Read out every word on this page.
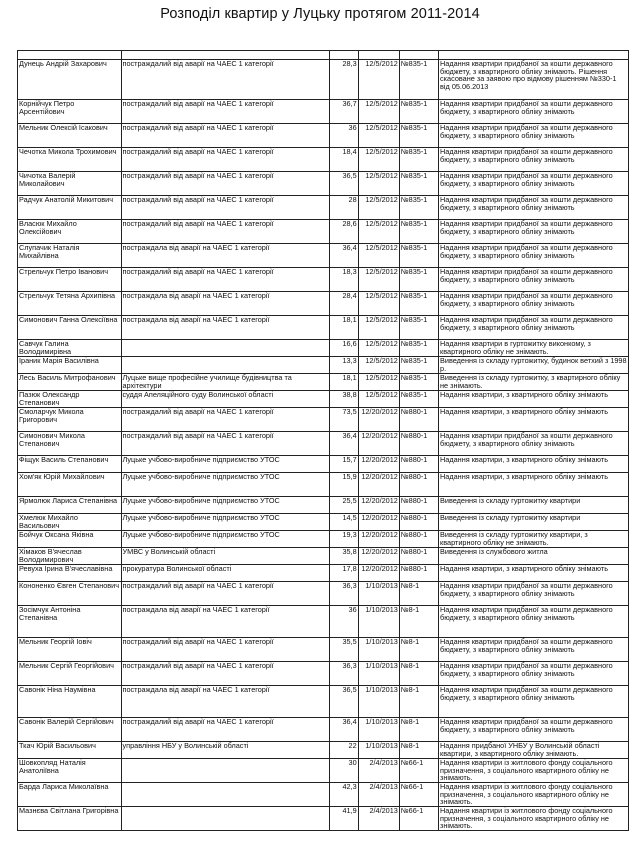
Розподіл квартир у Луцьку протягом 2011-2014

Дунець Андрій Захарович	постраждалий від аварії на ЧАЕС 1 категорії	28,3	12/5/2012	№835-1	Надання квартири придбаної за кошти державного бюджету, з квартирного обліку знімають. Рішення скасоване за заявою про відмову рішенням №330-1 від 05.06.2013
Корнійчук Петро Арсентійович	постраждалий від аварії на ЧАЕС 1 категорії	36,7	12/5/2012	№835-1	Надання квартири придбаної за кошти державного бюджету, з квартирного обліку знімають
Мельник Олексій Ісакович	постраждалий від аварії на ЧАЕС 1 категорії	36	12/5/2012	№835-1	Надання квартири придбаної за кошти державного бюджету, з квартирного обліку знімають
Чечотка Микола Трохимович	постраждалий від аварії на ЧАЕС 1 категорії	18,4	12/5/2012	№835-1	Надання квартири придбаної за кошти державного бюджету, з квартирного обліку знімають
Чичотка Валерій Миколайович	постраждалий від аварії на ЧАЕС 1 категорії	36,5	12/5/2012	№835-1	Надання квартири придбаної за кошти державного бюджету, з квартирного обліку знімають
Радчук Анатолій Микитович	постраждалий від аварії на ЧАЕС 1 категорії	28	12/5/2012	№835-1	Надання квартири придбаної за кошти державного бюджету, з квартирного обліку знімають
Власюк Михайло Олексійович	постраждалий від аварії на ЧАЕС 1 категорії	28,6	12/5/2012	№835-1	Надання квартири придбаної за кошти державного бюджету, з квартирного обліку знімають
Слупачик Наталія Михайлівна	постраждала від аварії на ЧАЕС 1 категорії	36,4	12/5/2012	№835-1	Надання квартири придбаної за кошти державного бюджету, з квартирного обліку знімають
Стрельчук Петро Іванович	постраждалий від аварії на ЧАЕС 1 категорії	18,3	12/5/2012	№835-1	Надання квартири придбаної за кошти державного бюджету, з квартирного обліку знімають
Стрельчук Тетяна Архипівна	постраждала від аварії на ЧАЕС 1 категорії	28,4	12/5/2012	№835-1	Надання квартири придбаної за кошти державного бюджету, з квартирного обліку знімають
Симонович Ганна Олексіївна	постраждала від аварії на ЧАЕС 1 категорії	18,1	12/5/2012	№835-1	Надання квартири придбаної за кошти державного бюджету, з квартирного обліку знімають
Савчук Галина Володимирівна		16,6	12/5/2012	№835-1	Надання квартири в гуртожитку виконкому, з квартирного обліку не знімають.
Іраник Марія Василівна		13,3	12/5/2012	№835-1	Виведення із складу гуртожитку, будинок ветхий з 1998 р.
Лесь Василь Митрофанович	Луцьке вище професійне училище будівництва та архітектури	18,1	12/5/2012	№835-1	Виведення із складу гуртожитку, з квартирного обліку не знімають.
Пазюк Олександр Степанович	суддя Апеляційного суду Волинської області	38,8	12/5/2012	№835-1	Надання квартири, з квартирного обліку знімають
Смоларчук Микола Григорович	постраждалий від аварії на ЧАЕС 1 категорії	73,5	12/20/2012	№880-1	Надання квартири, з квартирного обліку знімають
Симонович Микола Степанович	постраждалий від аварії на ЧАЕС 1 категорії	36,4	12/20/2012	№880-1	Надання квартири придбаної за кошти державного бюджету, з квартирного обліку знімають
Фіщук Василь Степанович	Луцьке учбово-виробниче підприємство УТОС	15,7	12/20/2012	№880-1	Надання квартири, з квартирного обліку знімають
Хом'як Юрій Михайлович	Луцьке учбово-виробниче підприємство УТОС	15,9	12/20/2012	№880-1	Надання квартири, з квартирного обліку знімають
Ярмолюк Лариса Степанівна	Луцьке учбово-виробниче підприємство УТОС	25,5	12/20/2012	№880-1	Виведення із складу гуртожитку квартири
Хмелюк Михайло Васильович	Луцьке учбово-виробниче підприємство УТОС	14,5	12/20/2012	№880-1	Виведення із складу гуртожитку квартири
Бойчук Оксана Яківна	Луцьке учбово-виробниче підприємство УТОС	19,3	12/20/2012	№880-1	Виведення із складу гуртожитку квартири, з квартирного обліку не знімають.
Хімаков В'ячеслав Володимирович	УМВС у Волинській області	35,8	12/20/2012	№880-1	Виведення із службового житла
Ревуха Ірина В'ячеславівна	прокуратура Волинської області	17,8	12/20/2012	№880-1	Надання квартири, з квартирного обліку знімають
Кононенко Євген Степанович	постраждалий від аварії на ЧАЕС 1 категорії	36,3	1/10/2013	№8-1	Надання квартири придбаної за кошти державного бюджету, з квартирного обліку знімають
Зосімчук Антоніна Степанівна	постраждала від аварії на ЧАЕС 1 категорії	36	1/10/2013	№8-1	Надання квартири придбаної за кошти державного бюджету, з квартирного обліку знімають
Мельник Георгій Іовіч	постраждалий від аварії на ЧАЕС 1 категорії	35,5	1/10/2013	№8-1	Надання квартири придбаної за кошти державного бюджету, з квартирного обліку знімають
Мельник Сергій Георгійович	постраждалий від аварії на ЧАЕС 1 категорії	36,3	1/10/2013	№8-1	Надання квартири придбаної за кошти державного бюджету, з квартирного обліку знімають
Савонік Ніна Наумівна	постраждала від аварії на ЧАЕС 1 категорії	36,5	1/10/2013	№8-1	Надання квартири придбаної за кошти державного бюджету, з квартирного обліку знімають
Савонік Валерій Сергійович	постраждалий від аварії на ЧАЕС 1 категорії	36,4	1/10/2013	№8-1	Надання квартири придбаної за кошти державного бюджету, з квартирного обліку знімають
Ткач Юрій Васильович	управління НБУ у Волинській області	22	1/10/2013	№8-1	Надання придбаної УНБУ у Волинській області квартири, з квартирного обліку знімають.
Шовкопляд Наталія Анатоліївна		30	2/4/2013	№66-1	Надання квартири із житлового фонду соціального призначення, з соціального квартирного обліку не знімають.
Барда Лариса Миколаївна		42,3	2/4/2013	№66-1	Надання квартири із житлового фонду соціального призначення, з соціального квартирного обліку не знімають.
Мазнєва Світлана Григорівна		41,9	2/4/2013	№66-1	Надання квартири із житлового фонду соціального призначення, з соціального квартирного обліку не знімають.
